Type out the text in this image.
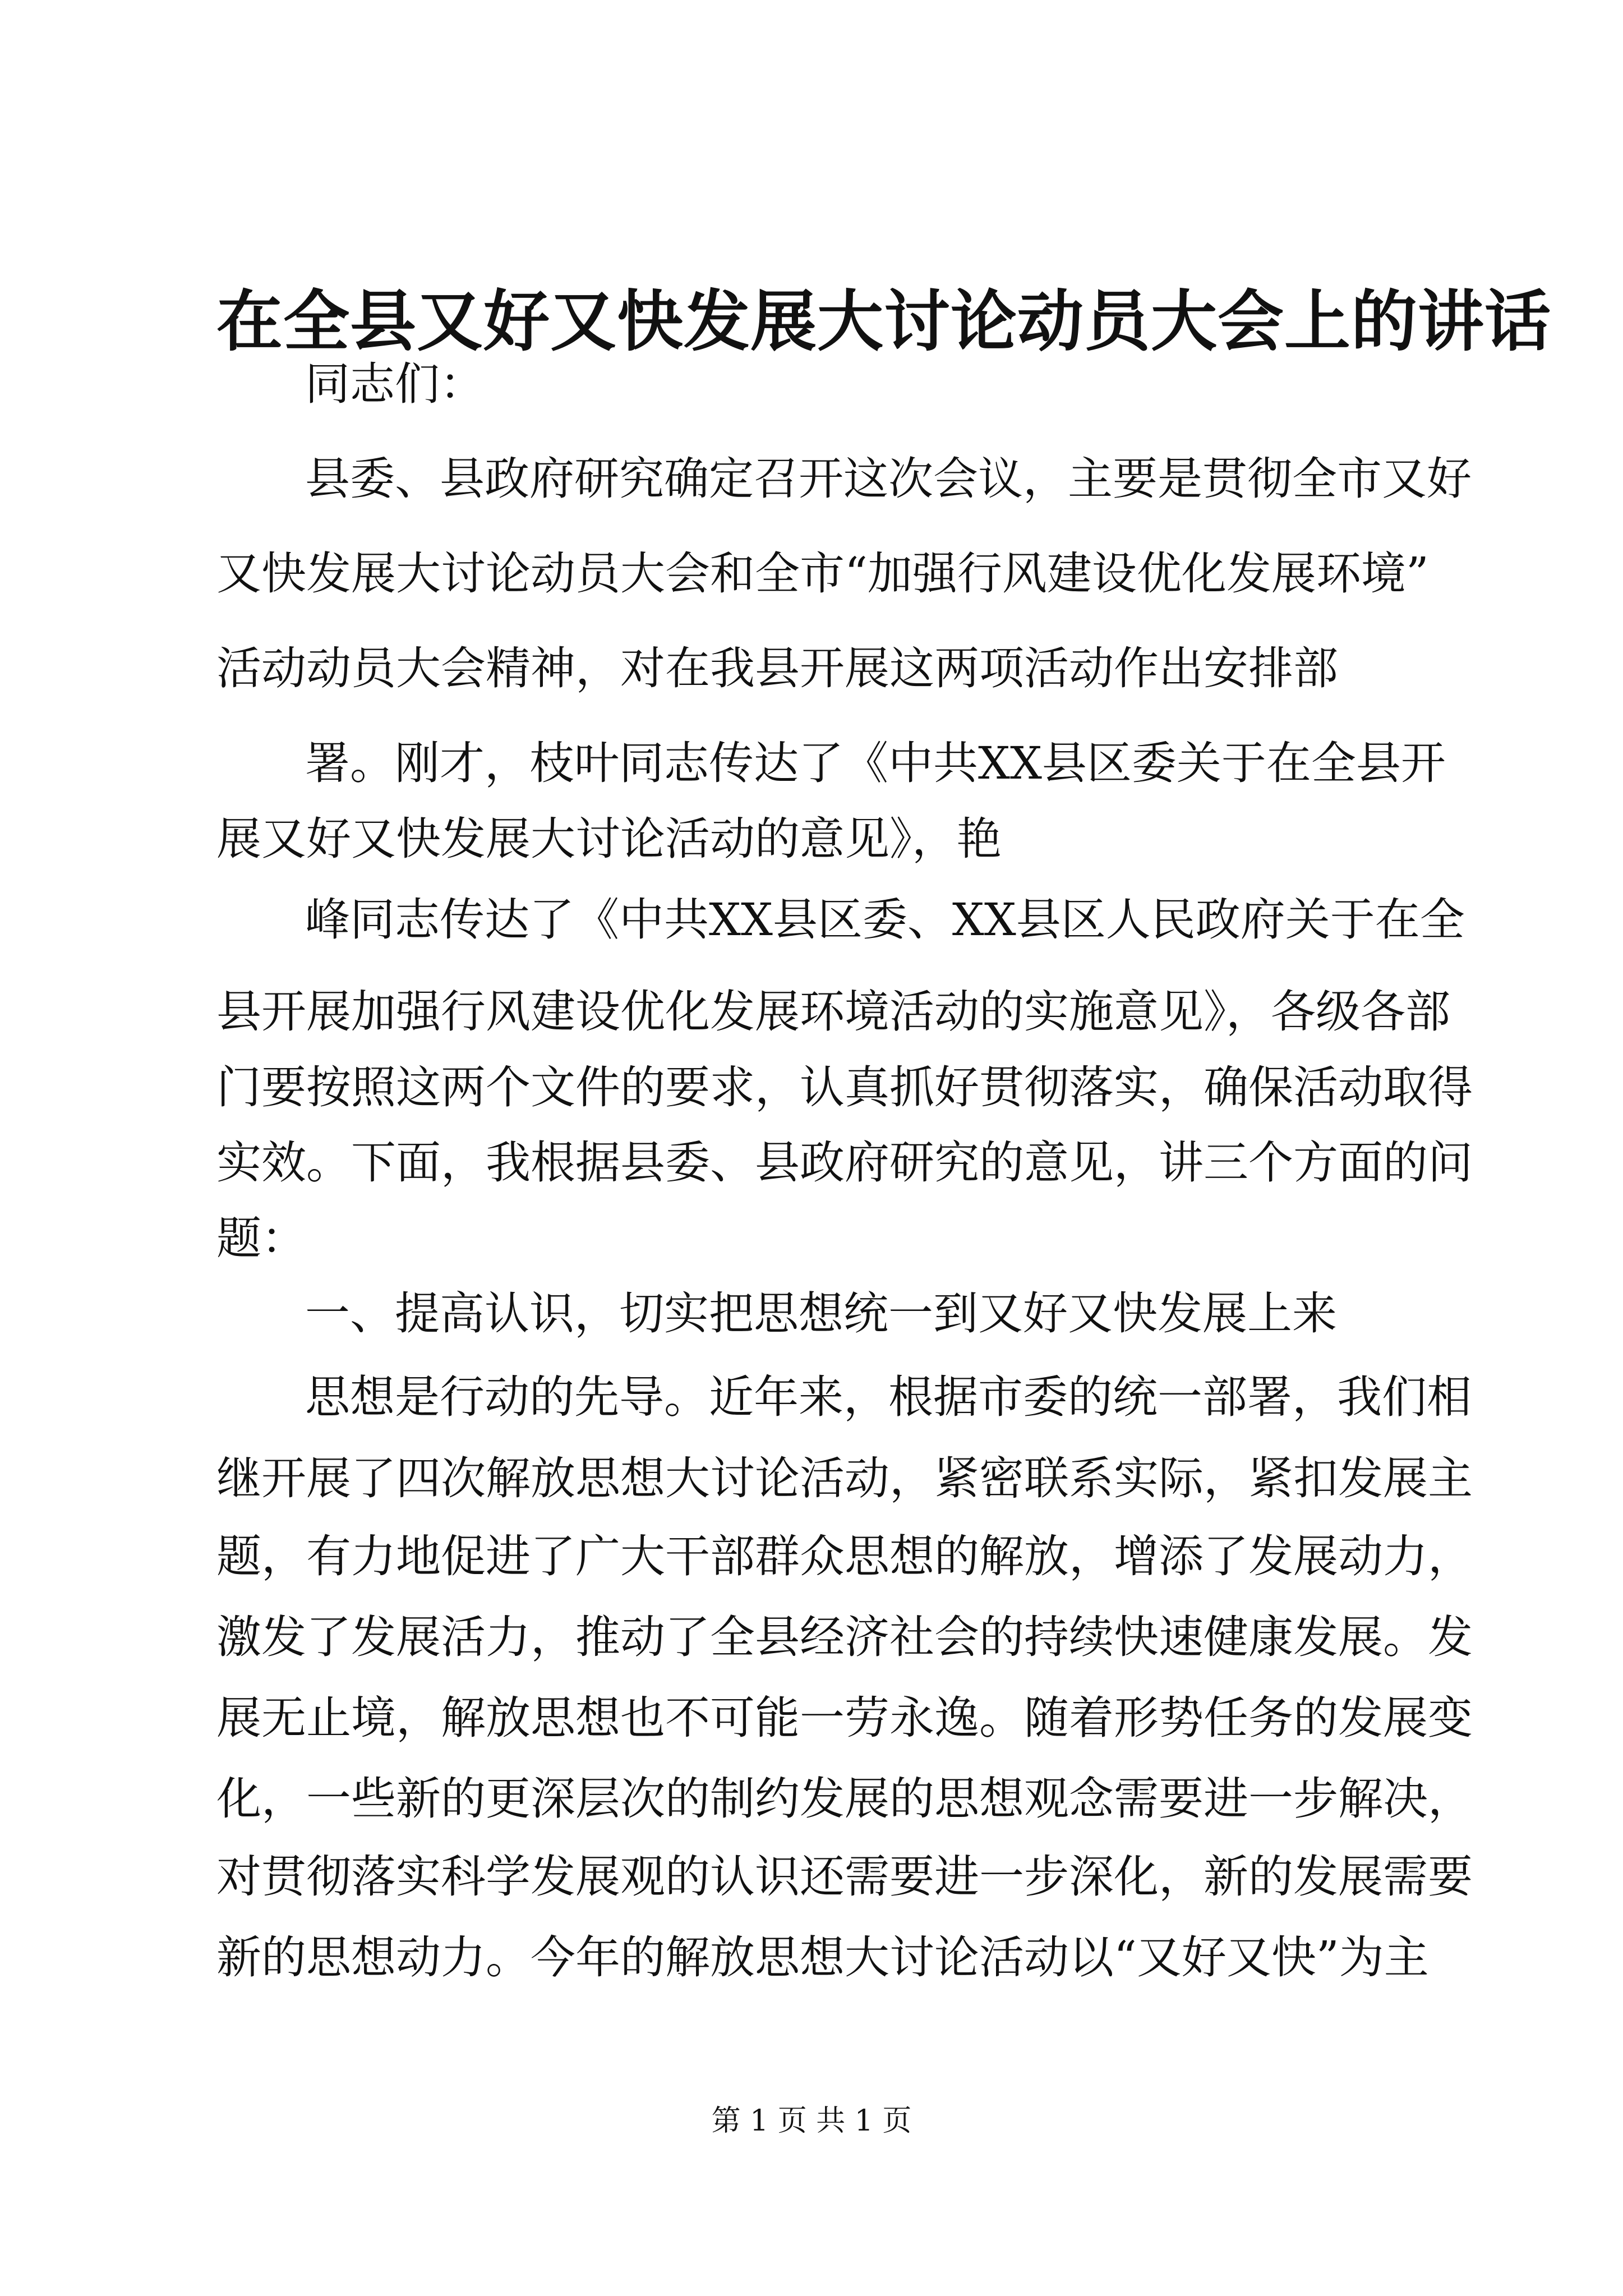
在全县又好又快发展大讨论动员大会上的讲话
同志们：
县委、县政府研究确定召开这次会议，主要是贯彻全市又好
又快发展大讨论动员大会和全市“加强行风建设优化发展环境”
活动动员大会精神，对在我县开展这两项活动作出安排部
署。刚才，枝叶同志传达了《中共XX县区委关于在全县开
展又好又快发展大讨论活动的意见》，艳
峰同志传达了《中共XX县区委、XX县区人民政府关于在全
县开展加强行风建设优化发展环境活动的实施意见》，各级各部
门要按照这两个文件的要求，认真抓好贯彻落实，确保活动取得
实效。下面，我根据县委、县政府研究的意见，讲三个方面的问
题：
一、提高认识，切实把思想统一到又好又快发展上来
思想是行动的先导。近年来，根据市委的统一部署，我们相
继开展了四次解放思想大讨论活动，紧密联系实际，紧扣发展主
题，有力地促进了广大干部群众思想的解放，增添了发展动力，
激发了发展活力，推动了全县经济社会的持续快速健康发展。发
展无止境，解放思想也不可能一劳永逸。随着形势任务的发展变
化，一些新的更深层次的制约发展的思想观念需要进一步解决，
对贯彻落实科学发展观的认识还需要进一步深化，新的发展需要
新的思想动力。今年的解放思想大讨论活动以“又好又快”为主
第 1 页 共 1 页
